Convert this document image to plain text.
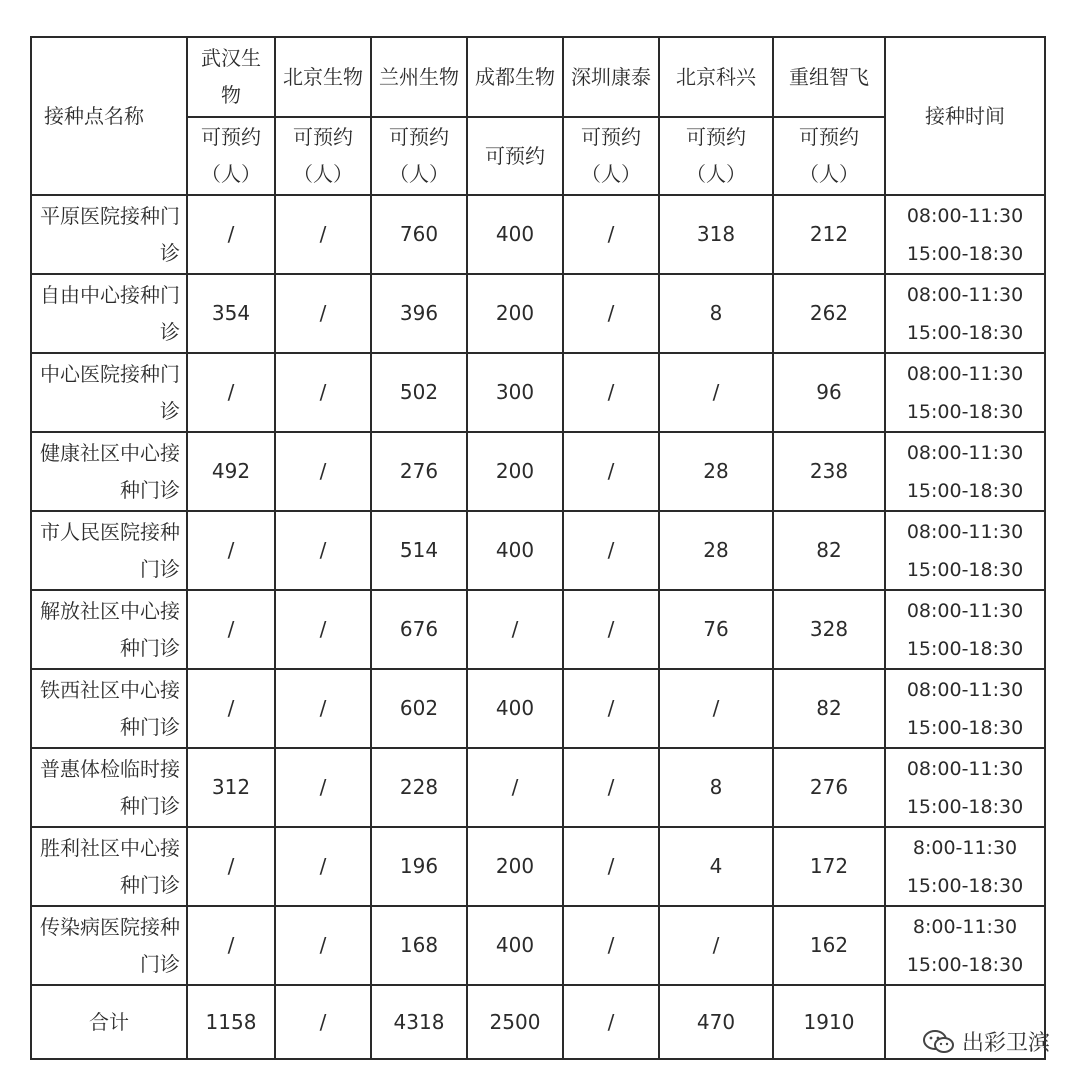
接种点名称	武汉生物	北京生物	兰州生物	成都生物	深圳康泰	北京科兴	重组智飞	接种时间
	可预约（人）	可预约（人）	可预约（人）	可预约	可预约（人）	可预约（人）	可预约（人）	
平原医院接种门诊	/	/	760	400	/	318	212	08:00-11:30 15:00-18:30
自由中心接种门诊	354	/	396	200	/	8	262	08:00-11:30 15:00-18:30
中心医院接种门诊	/	/	502	300	/	/	96	08:00-11:30 15:00-18:30
健康社区中心接种门诊	492	/	276	200	/	28	238	08:00-11:30 15:00-18:30
市人民医院接种门诊	/	/	514	400	/	28	82	08:00-11:30 15:00-18:30
解放社区中心接种门诊	/	/	676	/	/	76	328	08:00-11:30 15:00-18:30
铁西社区中心接种门诊	/	/	602	400	/	/	82	08:00-11:30 15:00-18:30
普惠体检临时接种门诊	312	/	228	/	/	8	276	08:00-11:30 15:00-18:30
胜利社区中心接种门诊	/	/	196	200	/	4	172	8:00-11:30 15:00-18:30
传染病医院接种门诊	/	/	168	400	/	/	162	8:00-11:30 15:00-18:30
合计	1158	/	4318	2500	/	470	1910	
出彩卫滨
